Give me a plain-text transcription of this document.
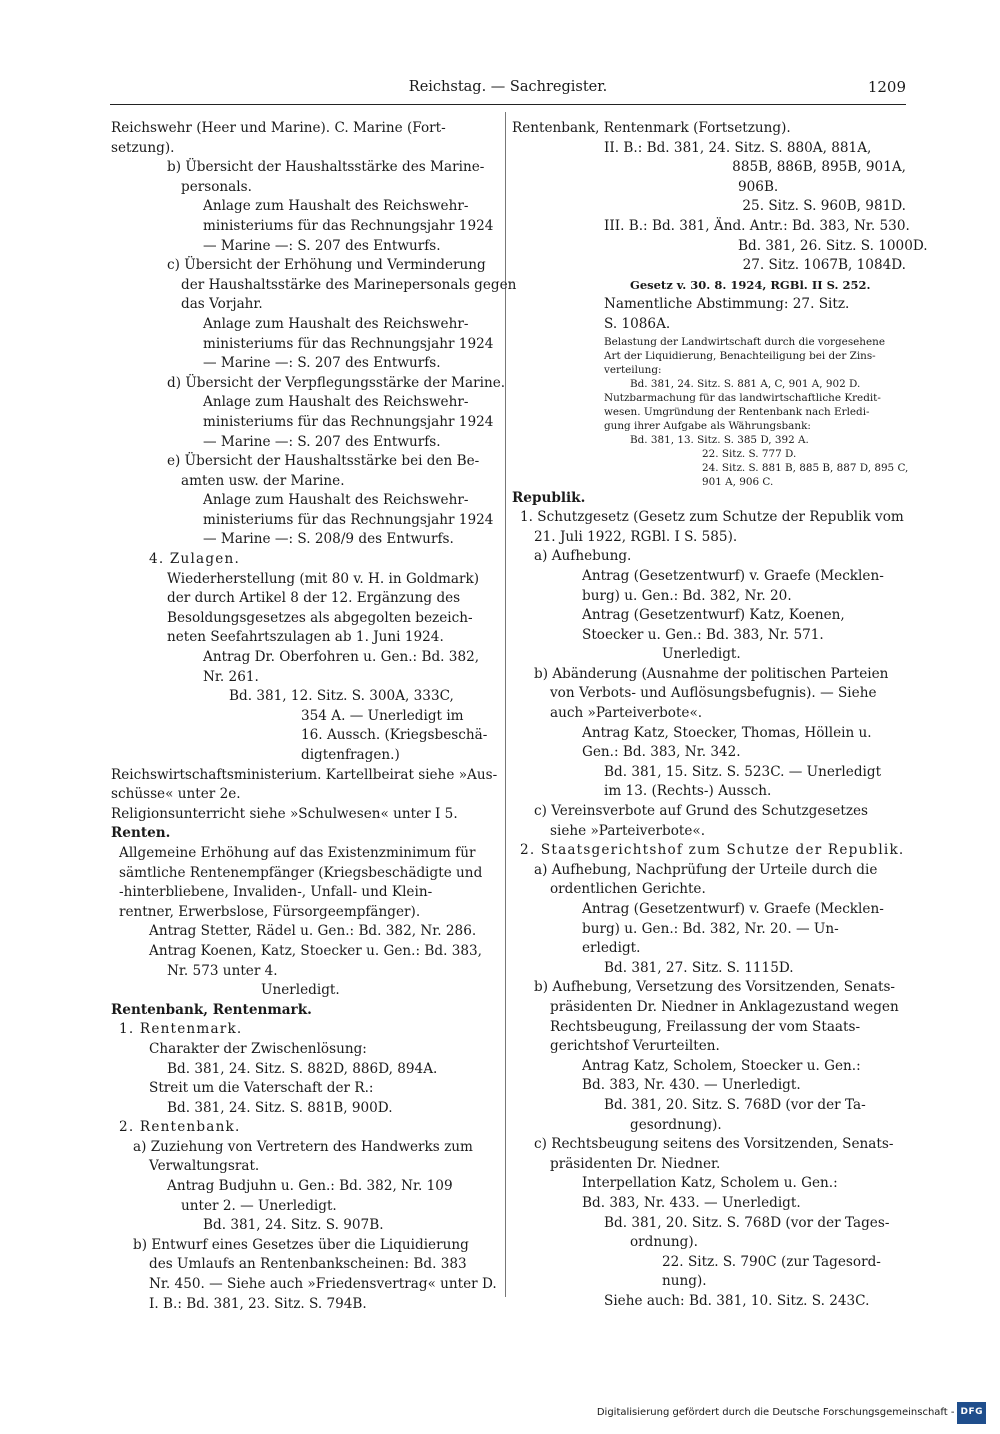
Reichstag. — Sachregister.	1209
Reichswehr (Heer und Marine). C. Marine (Fort-
setzung).
b) Übersicht der Haushaltsstärke des Marine-
personals.
Anlage zum Haushalt des Reichswehr-
ministeriums für das Rechnungsjahr 1924
— Marine —: S. 207 des Entwurfs.
c) Übersicht der Erhöhung und Verminderung
der Haushaltsstärke des Marinepersonals gegen
das Vorjahr.
Anlage zum Haushalt des Reichswehr-
ministeriums für das Rechnungsjahr 1924
— Marine —: S. 207 des Entwurfs.
d) Übersicht der Verpflegungsstärke der Marine.
Anlage zum Haushalt des Reichswehr-
ministeriums für das Rechnungsjahr 1924
— Marine —: S. 207 des Entwurfs.
e) Übersicht der Haushaltsstärke bei den Be-
amten usw. der Marine.
Anlage zum Haushalt des Reichswehr-
ministeriums für das Rechnungsjahr 1924
— Marine —: S. 208/9 des Entwurfs.
4. Zulagen.
Wiederherstellung (mit 80 v. H. in Goldmark)
der durch Artikel 8 der 12. Ergänzung des
Besoldungsgesetzes als abgegolten bezeich-
neten Seefahrtszulagen ab 1. Juni 1924.
Antrag Dr. Oberfohren u. Gen.: Bd. 382,
Nr. 261.
Bd. 381, 12. Sitz. S. 300A, 333C,
354 A. — Unerledigt im
16. Aussch. (Kriegsbeschä-
digtenfragen.)
Reichswirtschaftsministerium. Kartellbeirat siehe »Aus-
schüsse« unter 2e.
Religionsunterricht siehe »Schulwesen« unter I 5.
Renten.
Allgemeine Erhöhung auf das Existenzminimum für
sämtliche Rentenempfänger (Kriegsbeschädigte und
-hinterbliebene, Invaliden-, Unfall- und Klein-
rentner, Erwerbslose, Fürsorgeempfänger).
Antrag Stetter, Rädel u. Gen.: Bd. 382, Nr. 286.
Antrag Koenen, Katz, Stoecker u. Gen.: Bd. 383,
Nr. 573 unter 4.
Unerledigt.
Rentenbank, Rentenmark.
1. Rentenmark.
Charakter der Zwischenlösung:
Bd. 381, 24. Sitz. S. 882D, 886D, 894A.
Streit um die Vaterschaft der R.:
Bd. 381, 24. Sitz. S. 881B, 900D.
2. Rentenbank.
a) Zuziehung von Vertretern des Handwerks zum
Verwaltungsrat.
Antrag Budjuhn u. Gen.: Bd. 382, Nr. 109
unter 2. — Unerledigt.
Bd. 381, 24. Sitz. S. 907B.
b) Entwurf eines Gesetzes über die Liquidierung
des Umlaufs an Rentenbankscheinen: Bd. 383
Nr. 450. — Siehe auch »Friedensvertrag« unter D.
I. B.: Bd. 381, 23. Sitz. S. 794B.
Rentenbank, Rentenmark (Fortsetzung).
II. B.: Bd. 381, 24. Sitz. S. 880A, 881A,
885B, 886B, 895B, 901A,
906B.
25. Sitz. S. 960B, 981D.
III. B.: Bd. 381, Änd. Antr.: Bd. 383, Nr. 530.
Bd. 381, 26. Sitz. S. 1000D.
27. Sitz. 1067B, 1084D.
Gesetz v. 30. 8. 1924, RGBl. II S. 252.
Namentliche Abstimmung: 27. Sitz.
S. 1086A.
Belastung der Landwirtschaft durch die vorgesehene
Art der Liquidierung, Benachteiligung bei der Zins-
verteilung:
Bd. 381, 24. Sitz. S. 881 A, C, 901 A, 902 D.
Nutzbarmachung für das landwirtschaftliche Kredit-
wesen. Umgründung der Rentenbank nach Erledi-
gung ihrer Aufgabe als Währungsbank:
Bd. 381, 13. Sitz. S. 385 D, 392 A.
22. Sitz. S. 777 D.
24. Sitz. S. 881 B, 885 B, 887 D, 895 C,
901 A, 906 C.
Republik.
1. Schutzgesetz (Gesetz zum Schutze der Republik vom
21. Juli 1922, RGBl. I S. 585).
a) Aufhebung.
Antrag (Gesetzentwurf) v. Graefe (Mecklen-
burg) u. Gen.: Bd. 382, Nr. 20.
Antrag (Gesetzentwurf) Katz, Koenen,
Stoecker u. Gen.: Bd. 383, Nr. 571.
Unerledigt.
b) Abänderung (Ausnahme der politischen Parteien
von Verbots- und Auflösungsbefugnis). — Siehe
auch »Parteiverbote«.
Antrag Katz, Stoecker, Thomas, Höllein u.
Gen.: Bd. 383, Nr. 342.
Bd. 381, 15. Sitz. S. 523C. — Unerledigt
im 13. (Rechts-) Aussch.
c) Vereinsverbote auf Grund des Schutzgesetzes
siehe »Parteiverbote«.
2. Staatsgerichtshof zum Schutze der Republik.
a) Aufhebung, Nachprüfung der Urteile durch die
ordentlichen Gerichte.
Antrag (Gesetzentwurf) v. Graefe (Mecklen-
burg) u. Gen.: Bd. 382, Nr. 20. — Un-
erledigt.
Bd. 381, 27. Sitz. S. 1115D.
b) Aufhebung, Versetzung des Vorsitzenden, Senats-
präsidenten Dr. Niedner in Anklagezustand wegen
Rechtsbeugung, Freilassung der vom Staats-
gerichtshof Verurteilten.
Antrag Katz, Scholem, Stoecker u. Gen.:
Bd. 383, Nr. 430. — Unerledigt.
Bd. 381, 20. Sitz. S. 768D (vor der Ta-
gesordnung).
c) Rechtsbeugung seitens des Vorsitzenden, Senats-
präsidenten Dr. Niedner.
Interpellation Katz, Scholem u. Gen.:
Bd. 383, Nr. 433. — Unerledigt.
Bd. 381, 20. Sitz. S. 768D (vor der Tages-
ordnung).
22. Sitz. S. 790C (zur Tagesord-
nung).
Siehe auch: Bd. 381, 10. Sitz. S. 243C.
Digitalisierung gefördert durch die Deutsche Forschungsgemeinschaft - DFG
